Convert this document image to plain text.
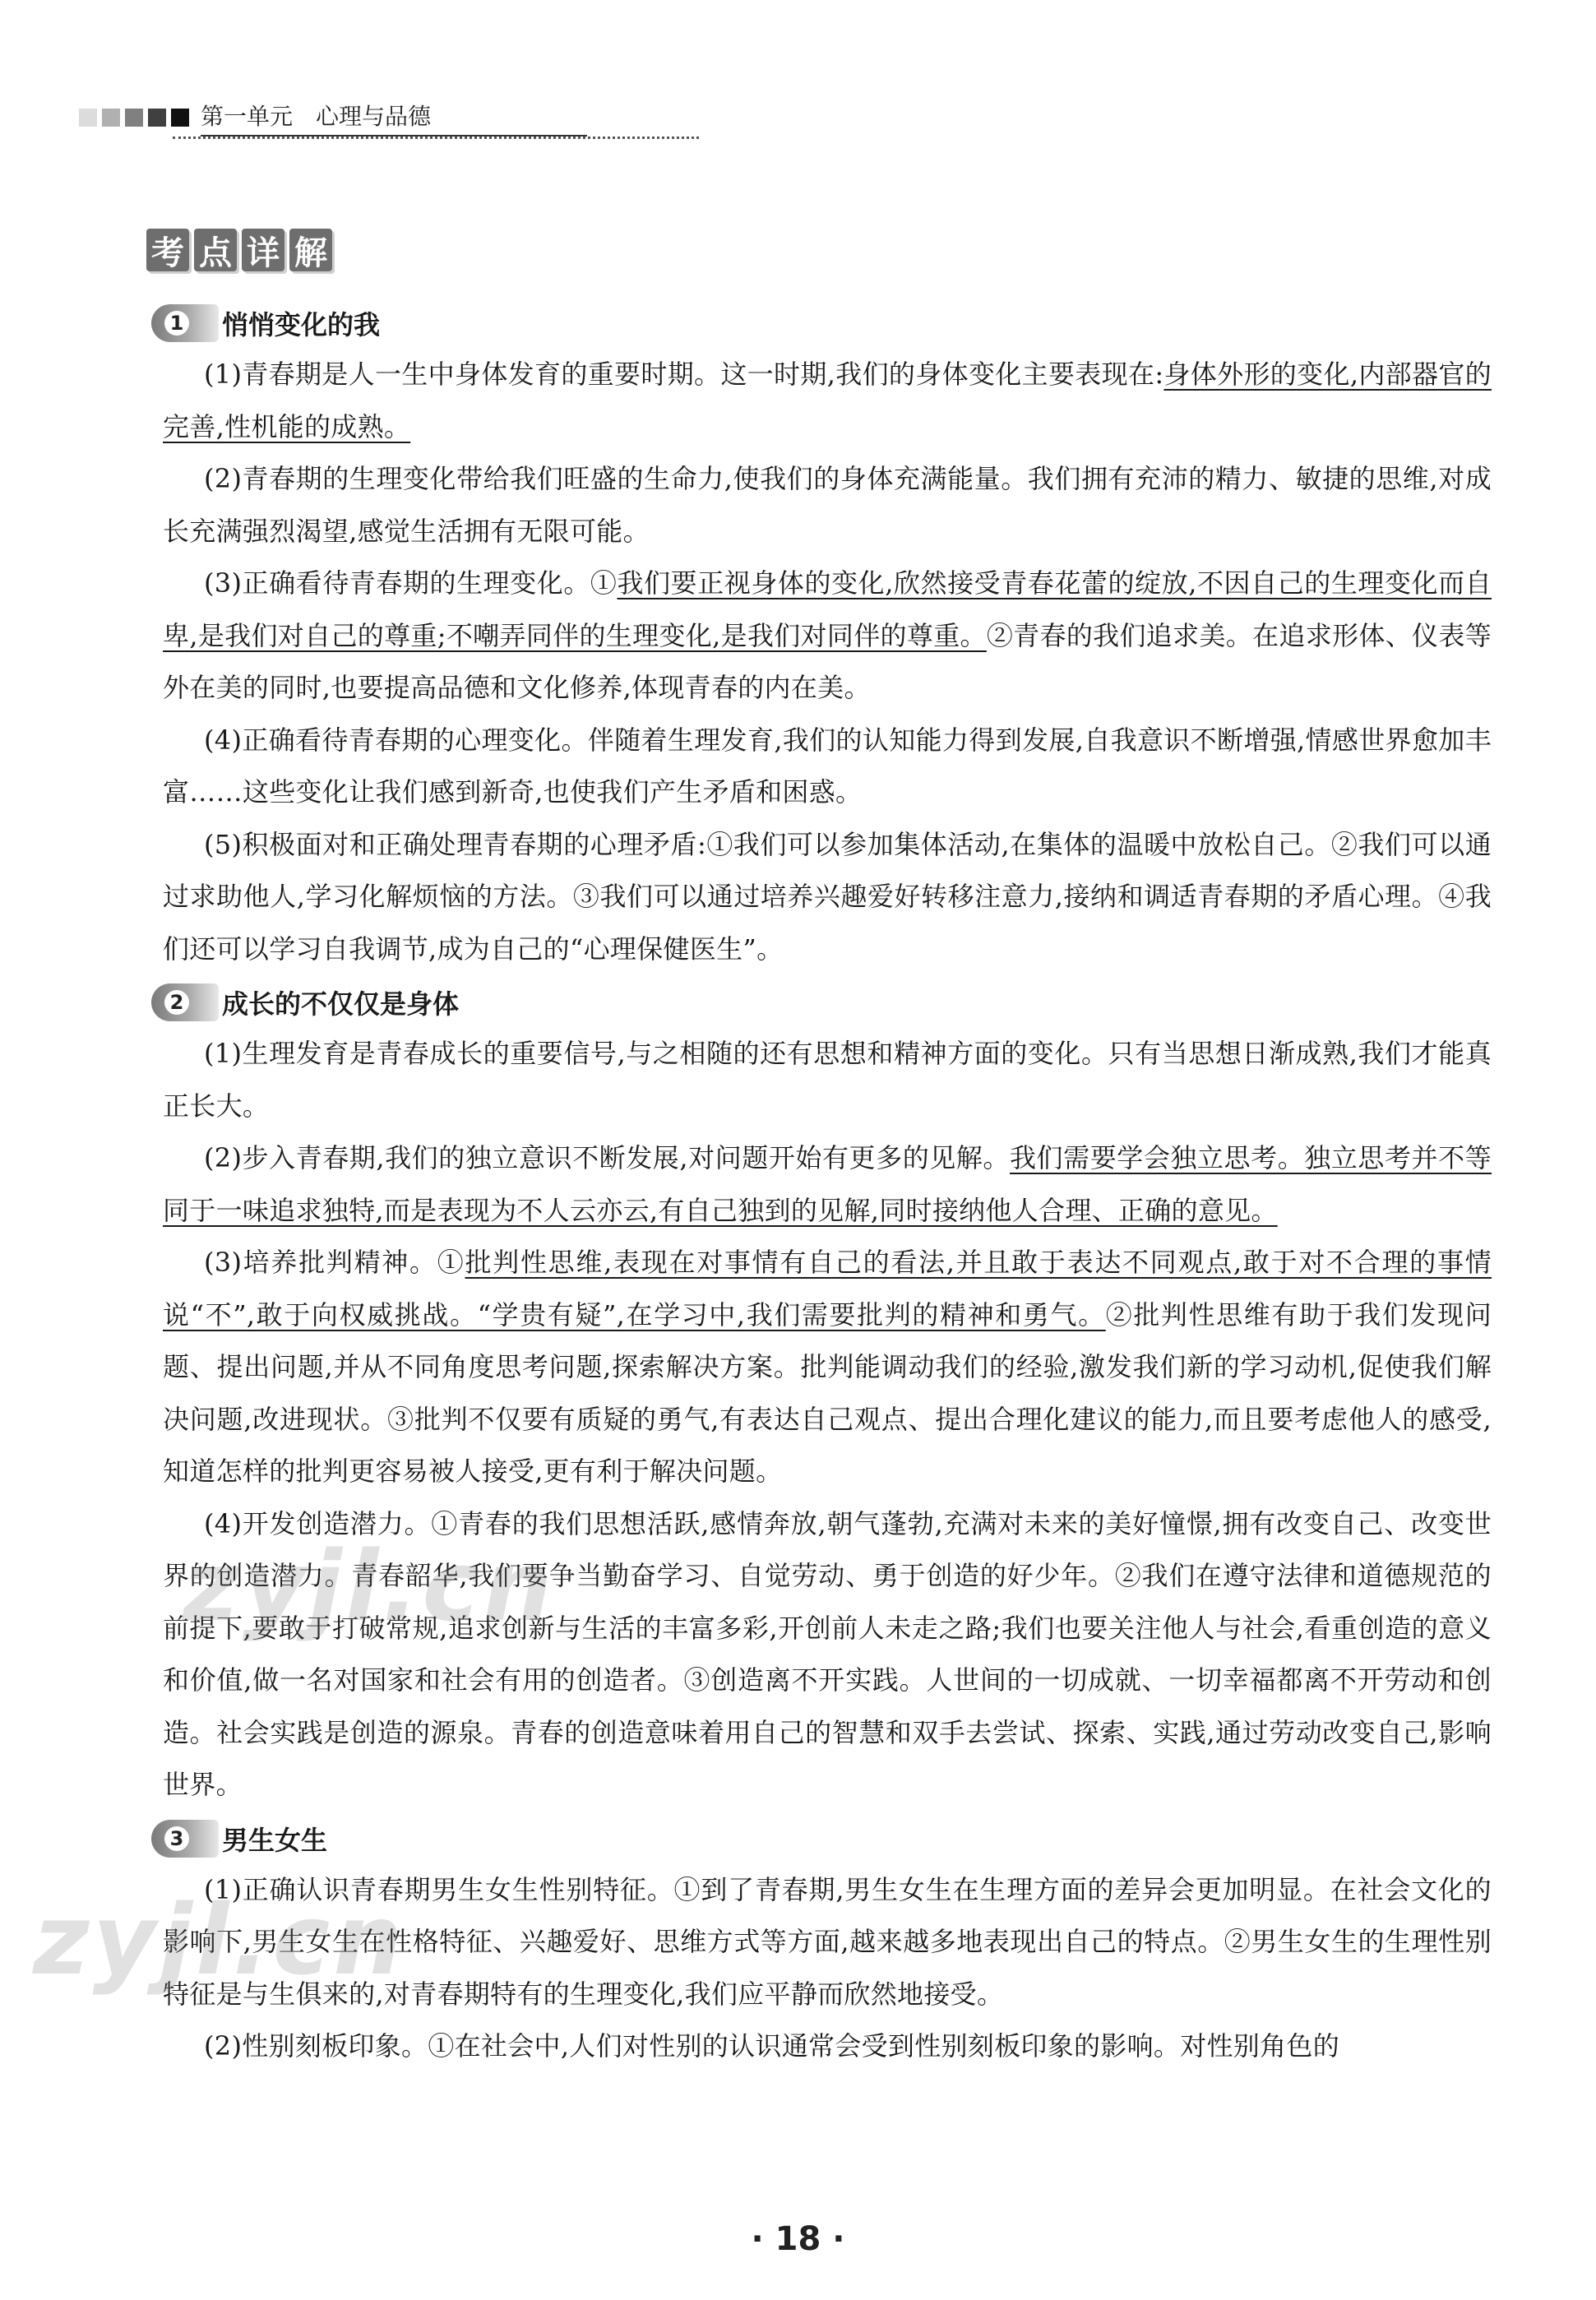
第一单元 心理与品德
考 点 详 解
1 悄悄变化的我

(1)青春期是人一生中身体发育的重要时期。这一时期,我们的身体变化主要表现在:身体外形的变化,内部器官的完善,性机能的成熟。

(2)青春期的生理变化带给我们旺盛的生命力,使我们的身体充满能量。我们拥有充沛的精力、敏捷的思维,对成长充满强烈渴望,感觉生活拥有无限可能。

(3)正确看待青春期的生理变化。①我们要正视身体的变化,欣然接受青春花蕾的绽放,不因自己的生理变化而自卑,是我们对自己的尊重;不嘲弄同伴的生理变化,是我们对同伴的尊重。②青春的我们追求美。在追求形体、仪表等外在美的同时,也要提高品德和文化修养,体现青春的内在美。

(4)正确看待青春期的心理变化。伴随着生理发育,我们的认知能力得到发展,自我意识不断增强,情感世界愈加丰富……这些变化让我们感到新奇,也使我们产生矛盾和困惑。

(5)积极面对和正确处理青春期的心理矛盾:①我们可以参加集体活动,在集体的温暖中放松自己。②我们可以通过求助他人,学习化解烦恼的方法。③我们可以通过培养兴趣爱好转移注意力,接纳和调适青春期的矛盾心理。④我们还可以学习自我调节,成为自己的“心理保健医生”。

2 成长的不仅仅是身体

(1)生理发育是青春成长的重要信号,与之相随的还有思想和精神方面的变化。只有当思想日渐成熟,我们才能真正长大。

(2)步入青春期,我们的独立意识不断发展,对问题开始有更多的见解。我们需要学会独立思考。独立思考并不等同于一味追求独特,而是表现为不人云亦云,有自己独到的见解,同时接纳他人合理、正确的意见。

(3)培养批判精神。①批判性思维,表现在对事情有自己的看法,并且敢于表达不同观点,敢于对不合理的事情说“不”,敢于向权威挑战。“学贵有疑”,在学习中,我们需要批判的精神和勇气。②批判性思维有助于我们发现问题、提出问题,并从不同角度思考问题,探索解决方案。批判能调动我们的经验,激发我们新的学习动机,促使我们解决问题,改进现状。③批判不仅要有质疑的勇气,有表达自己观点、提出合理化建议的能力,而且要考虑他人的感受,知道怎样的批判更容易被人接受,更有利于解决问题。

(4)开发创造潜力。①青春的我们思想活跃,感情奔放,朝气蓬勃,充满对未来的美好憧憬,拥有改变自己、改变世界的创造潜力。青春韶华,我们要争当勤奋学习、自觉劳动、勇于创造的好少年。②我们在遵守法律和道德规范的前提下,要敢于打破常规,追求创新与生活的丰富多彩,开创前人未走之路;我们也要关注他人与社会,看重创造的意义和价值,做一名对国家和社会有用的创造者。③创造离不开实践。人世间的一切成就、一切幸福都离不开劳动和创造。社会实践是创造的源泉。青春的创造意味着用自己的智慧和双手去尝试、探索、实践,通过劳动改变自己,影响世界。

3 男生女生

(1)正确认识青春期男生女生性别特征。①到了青春期,男生女生在生理方面的差异会更加明显。在社会文化的影响下,男生女生在性格特征、兴趣爱好、思维方式等方面,越来越多地表现出自己的特点。②男生女生的生理性别特征是与生俱来的,对青春期特有的生理变化,我们应平静而欣然地接受。

(2)性别刻板印象。①在社会中,人们对性别的认识通常会受到性别刻板印象的影响。对性别角色的

zyjl.cn
zyjl.cn
· 18 ·
